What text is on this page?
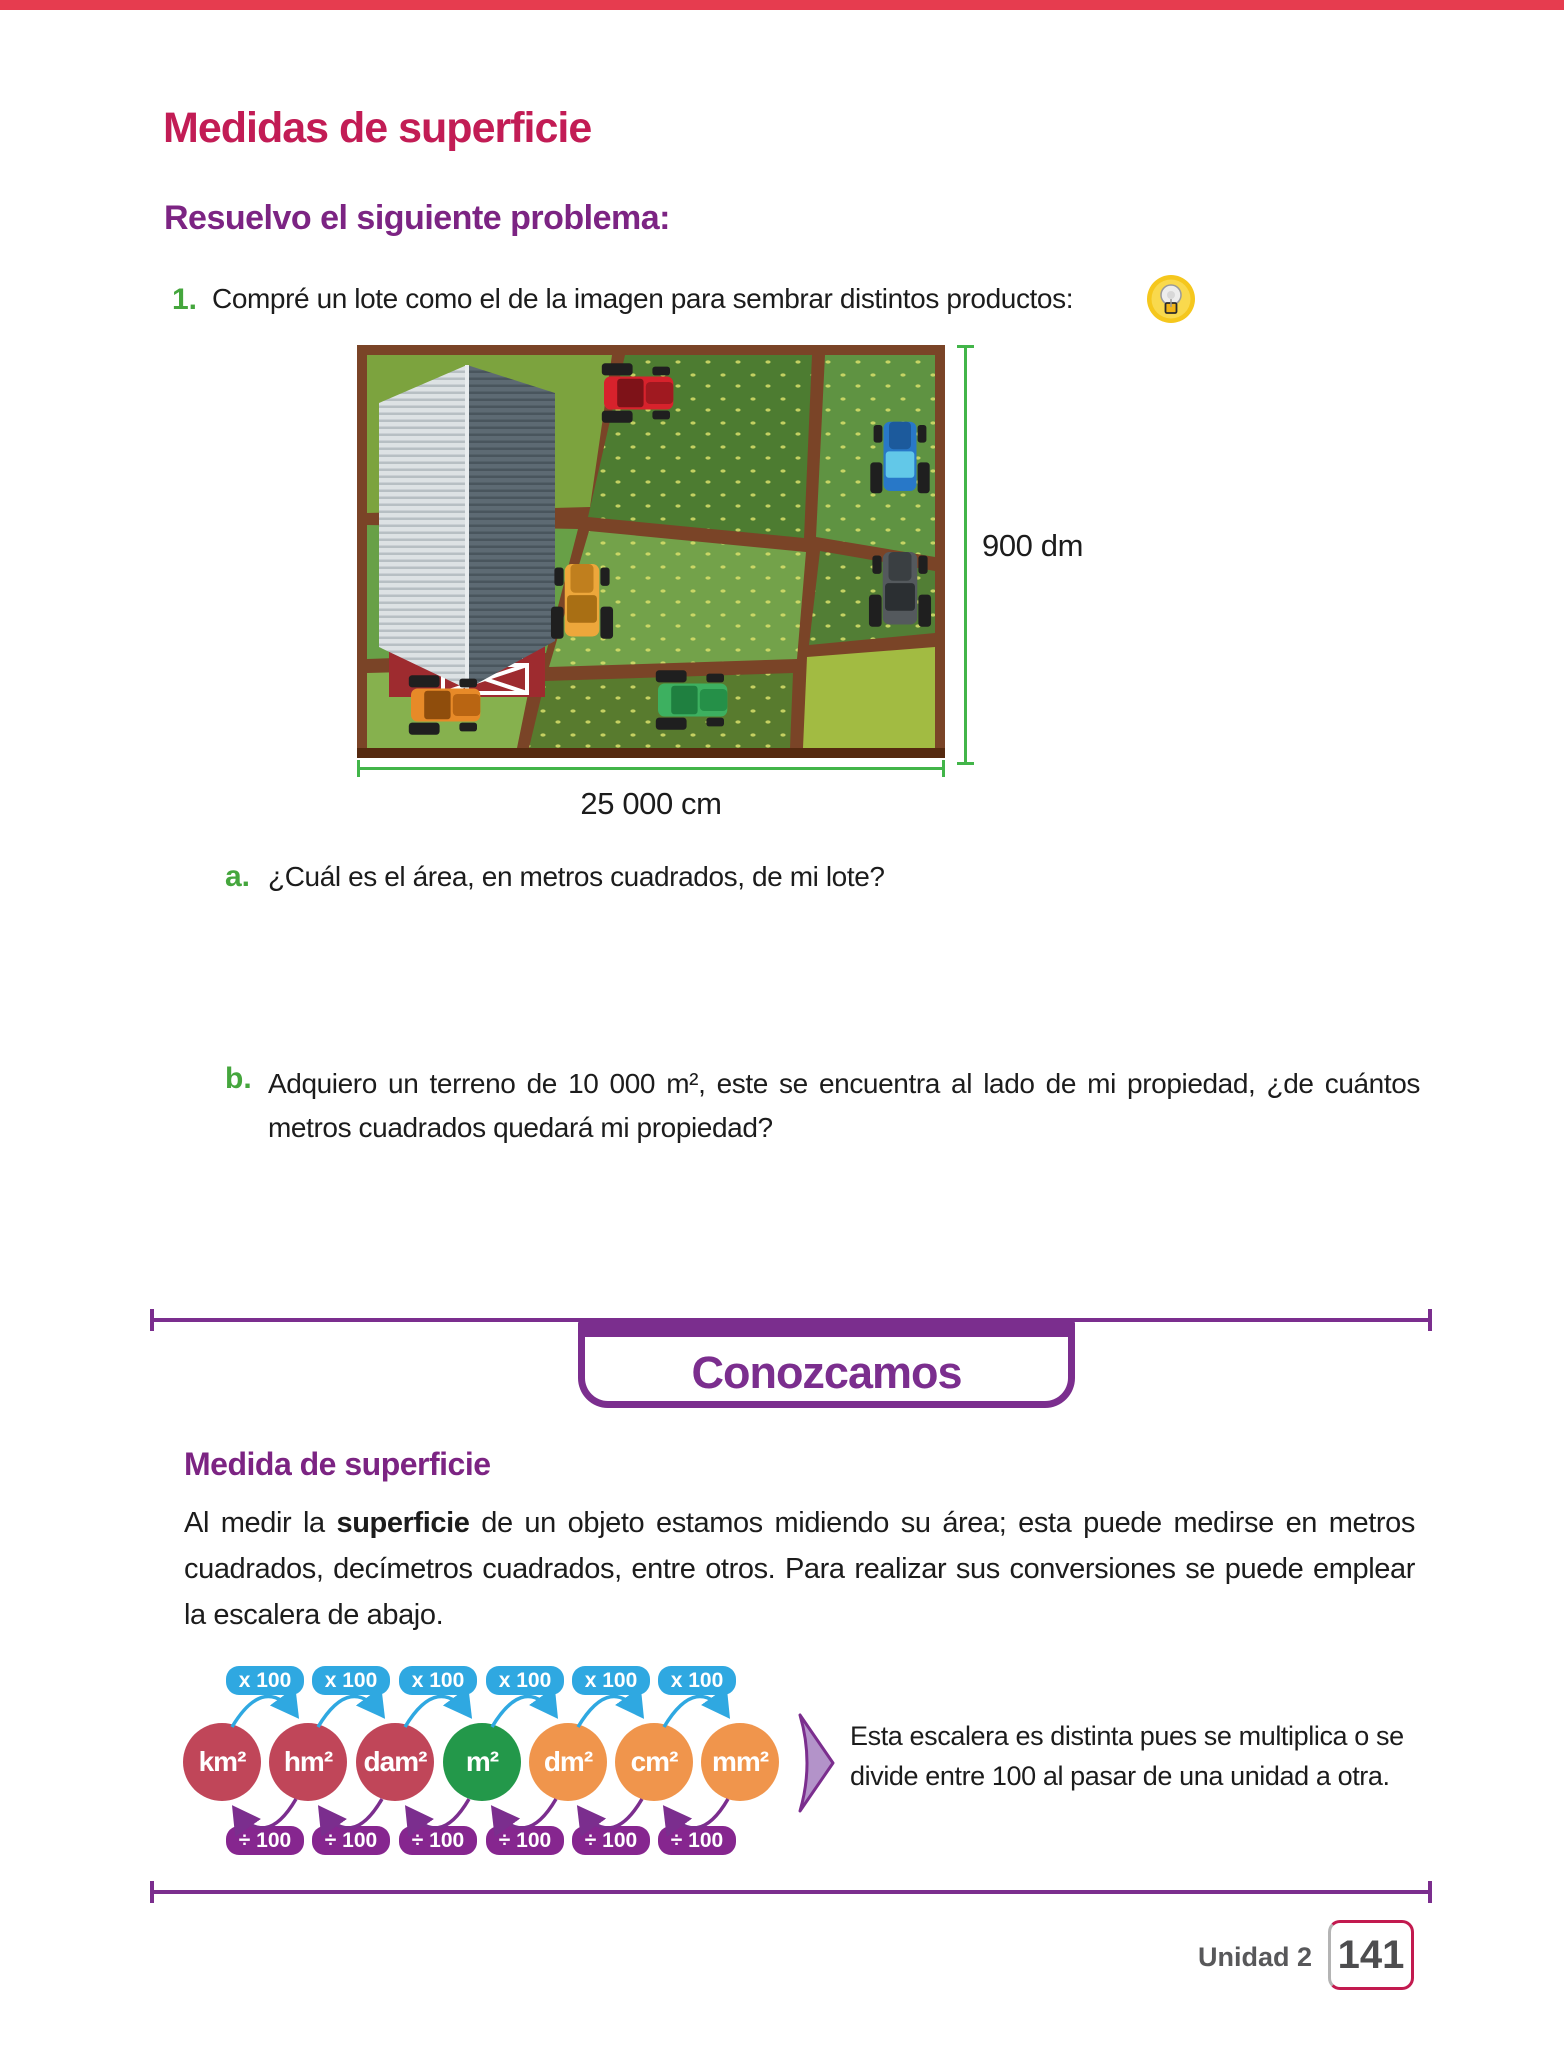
Medidas de superficie
Resuelvo el siguiente problema:
1. Compré un lote como el de la imagen para sembrar distintos productos:
900 dm
25 000 cm
a. ¿Cuál es el área, en metros cuadrados, de mi lote?
b. Adquiero un terreno de 10 000 m², este se encuentra al lado de mi propiedad, ¿de cuántos metros cuadrados quedará mi propiedad?
Conozcamos
Medida de superficie
Al medir la superficie de un objeto estamos midiendo su área; esta puede medirse en metros cuadrados, decímetros cuadrados, entre otros. Para realizar sus conversiones se puede emplear la escalera de abajo.
x 100	x 100	x 100	x 100	x 100	x 100
km²	hm²	dam²	m²	dm²	cm²	mm²
÷ 100	÷ 100	÷ 100	÷ 100	÷ 100	÷ 100
Esta escalera es distinta pues se multiplica o se
divide entre 100 al pasar de una unidad a otra.
Unidad 2 141
